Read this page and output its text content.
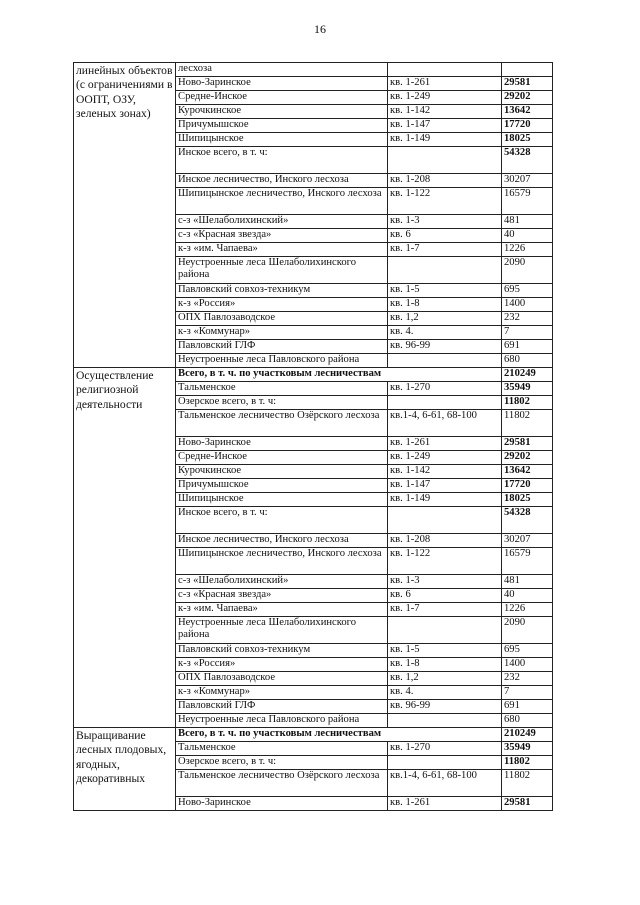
16
линейных объектов (с ограничениями в ООПТ, ОЗУ, зеленых зонах)	лесхоза		
	Ново-Заринское	кв. 1-261	29581
	Средне-Инское	кв. 1-249	29202
	Курочкинское	кв. 1-142	13642
	Причумышское	кв. 1-147	17720
	Шипицынское	кв. 1-149	18025
	Инское всего, в т. ч:		54328
	Инское лесничество, Инского лесхоза	кв. 1-208	30207
	Шипицынское лесничество, Инского лесхоза	кв. 1-122	16579
	с-з «Шелаболихинский»	кв. 1-3	481
	с-з «Красная звезда»	кв. 6	40
	к-з «им. Чапаева»	кв. 1-7	1226
	Неустроенные леса Шелаболихинского района		2090
	Павловский совхоз-техникум	кв. 1-5	695
	к-з «Россия»	кв. 1-8	1400
	ОПХ Павлозаводское	кв. 1,2	232
	к-з «Коммунар»	кв. 4.	7
	Павловский ГЛФ	кв. 96-99	691
	Неустроенные леса Павловского района		680
Осуществление религиозной деятельности	Всего, в т. ч. по участковым лесничествам		210249
	Тальменское	кв. 1-270	35949
	Озерское всего, в т. ч:		11802
	Тальменское лесничество Озёрского лесхоза	кв.1-4, 6-61, 68-100	11802
	Ново-Заринское	кв. 1-261	29581
	Средне-Инское	кв. 1-249	29202
	Курочкинское	кв. 1-142	13642
	Причумышское	кв. 1-147	17720
	Шипицынское	кв. 1-149	18025
	Инское всего, в т. ч:		54328
	Инское лесничество, Инского лесхоза	кв. 1-208	30207
	Шипицынское лесничество, Инского лесхоза	кв. 1-122	16579
	с-з «Шелаболихинский»	кв. 1-3	481
	с-з «Красная звезда»	кв. 6	40
	к-з «им. Чапаева»	кв. 1-7	1226
	Неустроенные леса Шелаболихинского района		2090
	Павловский совхоз-техникум	кв. 1-5	695
	к-з «Россия»	кв. 1-8	1400
	ОПХ Павлозаводское	кв. 1,2	232
	к-з «Коммунар»	кв. 4.	7
	Павловский ГЛФ	кв. 96-99	691
	Неустроенные леса Павловского района		680
Выращивание лесных плодовых, ягодных, декоративных	Всего, в т. ч. по участковым лесничествам		210249
	Тальменское	кв. 1-270	35949
	Озерское всего, в т. ч:		11802
	Тальменское лесничество Озёрского лесхоза	кв.1-4, 6-61, 68-100	11802
	Ново-Заринское	кв. 1-261	29581
